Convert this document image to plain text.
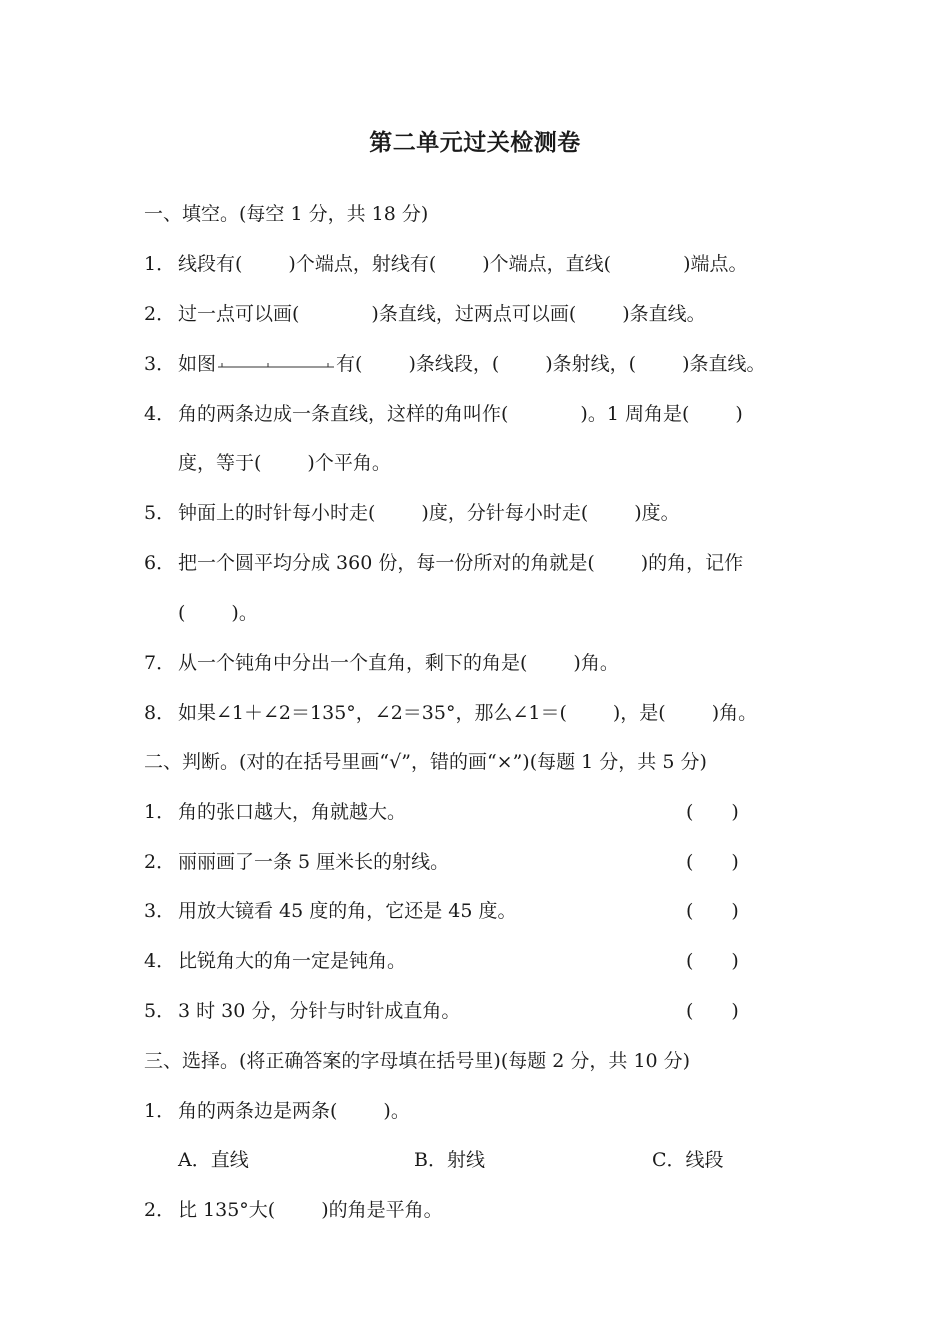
第二单元过关检测卷
一、填空。(每空 1 分，共 18 分)
1． 线段有( )个端点，射线有( )个端点，直线(	)端点。
2． 过一点可以画(	)条直线，过两点可以画( )条直线。
3． 如图	有( )条线段，( )条射线，( )条直线。
4． 角的两条边成一条直线，这样的角叫作(	)。1 周角是( )
度，等于( )个平角。
5． 钟面上的时针每小时走( )度，分针每小时走( )度。
6． 把一个圆平均分成 360 份，每一份所对的角就是( )的角，记作
( )。
7． 从一个钝角中分出一个直角，剩下的角是( )角。
8． 如果∠1＋∠2＝135°，∠2＝35°，那么∠1＝( )，是( )角。
二、判断。(对的在括号里画“√”，错的画“×”)(每题 1 分，共 5 分)
1． 角的张口越大，角就越大。	(　　)
2． 丽丽画了一条 5 厘米长的射线。	(　　)
3． 用放大镜看 45 度的角，它还是 45 度。	(　　)
4． 比锐角大的角一定是钝角。	(　　)
5． 3 时 30 分，分针与时针成直角。	(　　)
三、选择。(将正确答案的字母填在括号里)(每题 2 分，共 10 分)
1． 角的两条边是两条( )。
A．直线	B．射线	C．线段
2． 比 135°大( )的角是平角。
